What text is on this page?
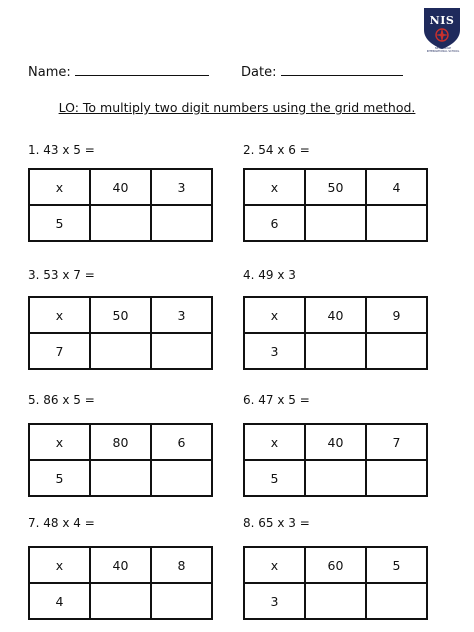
NIS
NEWBRIDGE INTERNATIONAL SCHOOL
Name:	Date:
LO: To multiply two digit numbers using the grid method.
1. 43 x 5 =
x	40	3
5		
2. 54 x 6 =
x	50	4
6		
3. 53 x 7 =
x	50	3
7		
4. 49 x 3
x	40	9
3		
5. 86 x 5 =
x	80	6
5		
6. 47 x 5 =
x	40	7
5		
7. 48 x 4 =
x	40	8
4		
8. 65 x 3 =
x	60	5
3		
